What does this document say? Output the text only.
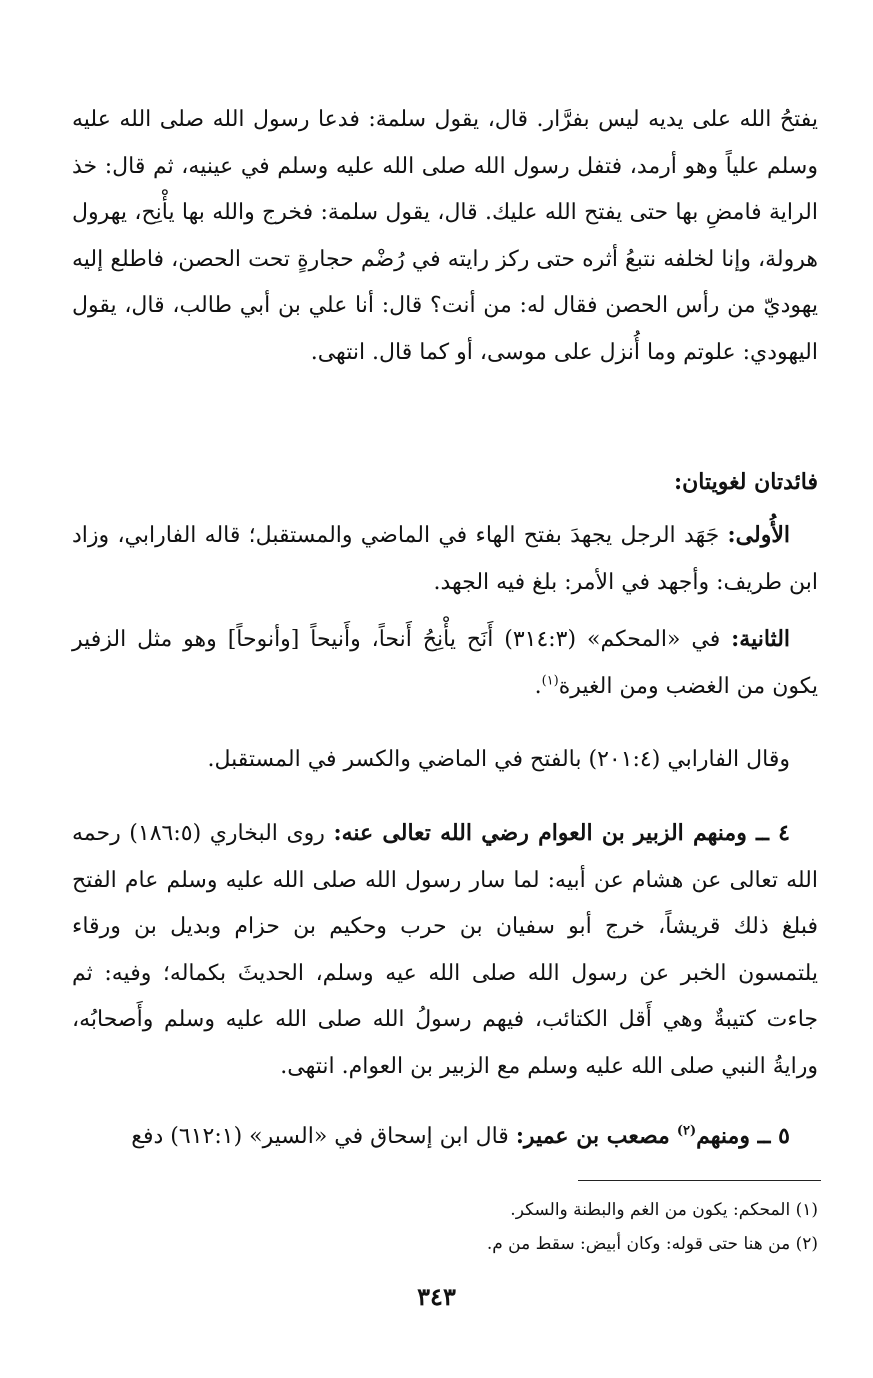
يفتحُ الله على يديه ليس بفرَّار. قال، يقول سلمة: فدعا رسول الله صلى الله عليه وسلم علياً وهو أرمد، فتفل رسول الله صلى الله عليه وسلم في عينيه، ثم قال: خذ الراية فامضِ بها حتى يفتح الله عليك. قال، يقول سلمة: فخرج والله بها يأْنِح، يهرول هرولة، وإنا لخلفه نتبعُ أثره حتى ركز رايته في رُضْم حجارةٍ تحت الحصن، فاطلع إليه يهوديّ من رأس الحصن فقال له: من أنت؟ قال: أنا علي بن أبي طالب، قال، يقول اليهودي: علوتم وما أُنزل على موسى، أو كما قال. انتهى.
فائدتان لغويتان:
الأُولى: جَهَد الرجل يجهدَ بفتح الهاء في الماضي والمستقبل؛ قاله الفارابي، وزاد ابن طريف: وأجهد في الأمر: بلغ فيه الجهد.
الثانية: في «المحكم» (٣١٤:٣) أَنَح يأْنِحُ أَنحاً، وأَنيحاً [وأنوحاً] وهو مثل الزفير يكون من الغضب ومن الغيرة$^{(١)}$.
وقال الفارابي (٢٠١:٤) بالفتح في الماضي والكسر في المستقبل.
٤ ــ ومنهم الزبير بن العوام رضي الله تعالى عنه: روى البخاري (١٨٦:٥) رحمه الله تعالى عن هشام عن أبيه: لما سار رسول الله صلى الله عليه وسلم عام الفتح فبلغ ذلك قريشاً، خرج أبو سفيان بن حرب وحكيم بن حزام وبديل بن ورقاء يلتمسون الخبر عن رسول الله صلى الله عيه وسلم، الحديثَ بكماله؛ وفيه: ثم جاءت كتيبةٌ وهي أَقل الكتائب، فيهم رسولُ الله صلى الله عليه وسلم وأَصحابُه، ورايةُ النبي صلى الله عليه وسلم مع الزبير بن العوام. انتهى.
٥ ــ ومنهم$^{(٢)}$ مصعب بن عمير: قال ابن إسحاق في «السير» (٦١٢:١) دفع
(١) المحكم: يكون من الغم والبطنة والسكر.
(٢) من هنا حتى قوله: وكان أبيض: سقط من م.
٣٤٣
